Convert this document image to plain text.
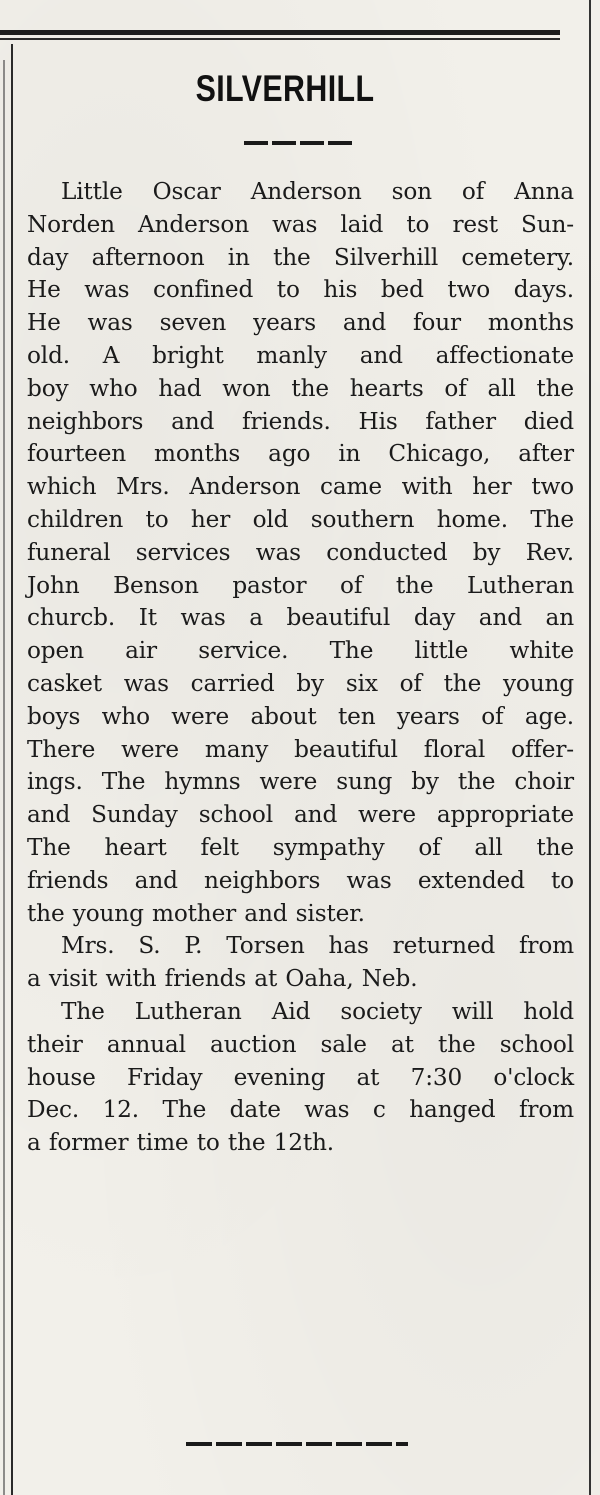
SILVERHILL
Little Oscar Anderson son of Anna
Norden Anderson was laid to rest Sun-
day afternoon in the Silverhill cemetery.
He was confined to his bed two days.
He was seven years and four months
old. A bright manly and affectionate
boy who had won the hearts of all the
neighbors and friends. His father died
fourteen months ago in Chicago, after
which Mrs. Anderson came with her two
children to her old southern home. The
funeral services was conducted by Rev.
John Benson pastor of the Lutheran
churcb. It was a beautiful day and an
open air service. The little white
casket was carried by six of the young
boys who were about ten years of age.
There were many beautiful floral offer-
ings. The hymns were sung by the choir
and Sunday school and were appropriate
The heart felt sympathy of all the
friends and neighbors was extended to
the young mother and sister.
Mrs. S. P. Torsen has returned from
a visit with friends at Oaha, Neb.
The Lutheran Aid society will hold
their annual auction sale at the school
house Friday evening at 7:30 o'clock
Dec. 12. The date was c hanged from
a former time to the 12th.
